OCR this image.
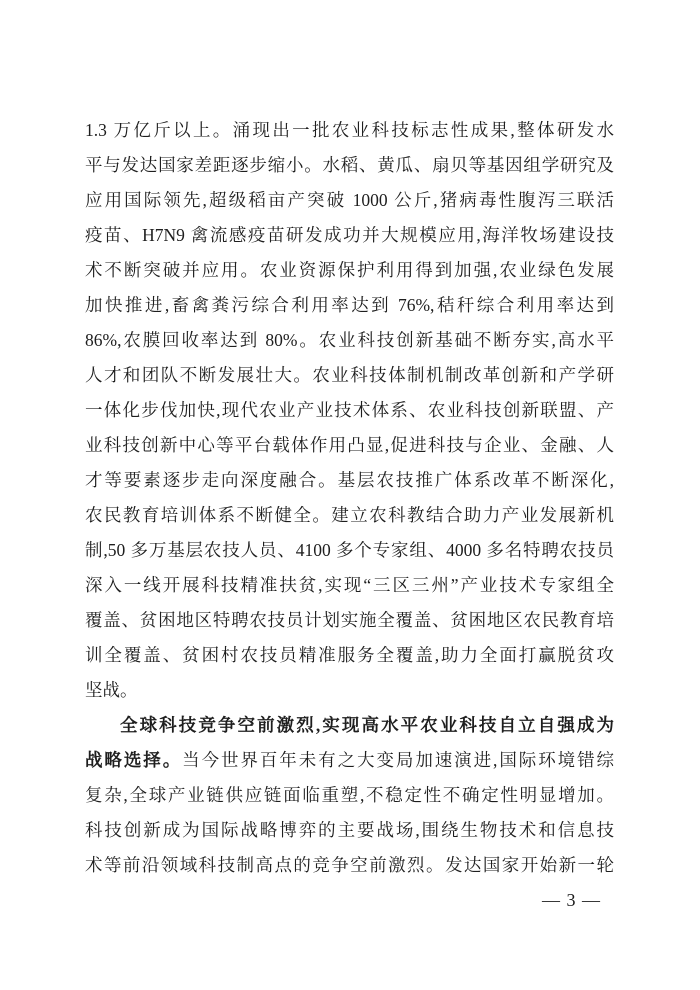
1.3 万亿斤以上。涌现出一批农业科技标志性成果,整体研发水
平与发达国家差距逐步缩小。水稻、黄瓜、扇贝等基因组学研究及
应用国际领先,超级稻亩产突破 1000 公斤,猪病毒性腹泻三联活
疫苗、H7N9 禽流感疫苗研发成功并大规模应用,海洋牧场建设技
术不断突破并应用。农业资源保护利用得到加强,农业绿色发展
加快推进,畜禽粪污综合利用率达到 76%,秸秆综合利用率达到
86%,农膜回收率达到 80%。农业科技创新基础不断夯实,高水平
人才和团队不断发展壮大。农业科技体制机制改革创新和产学研
一体化步伐加快,现代农业产业技术体系、农业科技创新联盟、产
业科技创新中心等平台载体作用凸显,促进科技与企业、金融、人
才等要素逐步走向深度融合。基层农技推广体系改革不断深化,
农民教育培训体系不断健全。建立农科教结合助力产业发展新机
制,50 多万基层农技人员、4100 多个专家组、4000 多名特聘农技员
深入一线开展科技精准扶贫,实现“三区三州”产业技术专家组全
覆盖、贫困地区特聘农技员计划实施全覆盖、贫困地区农民教育培
训全覆盖、贫困村农技员精准服务全覆盖,助力全面打赢脱贫攻
坚战。
全球科技竞争空前激烈,实现高水平农业科技自立自强成为
战略选择。当今世界百年未有之大变局加速演进,国际环境错综
复杂,全球产业链供应链面临重塑,不稳定性不确定性明显增加。
科技创新成为国际战略博弈的主要战场,围绕生物技术和信息技
术等前沿领域科技制高点的竞争空前激烈。发达国家开始新一轮
— 3 —
